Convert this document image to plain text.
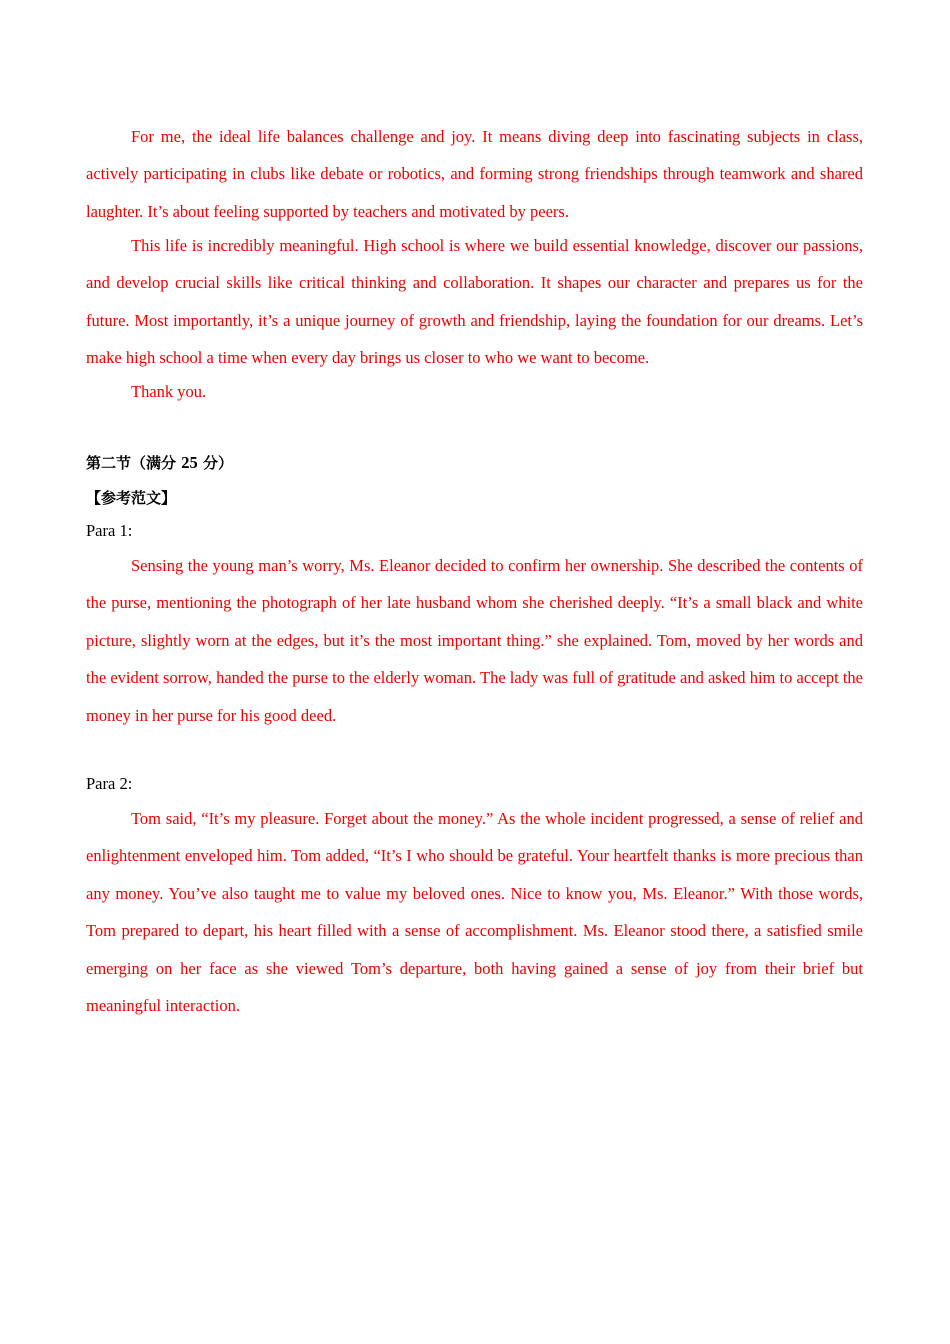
For me, the ideal life balances challenge and joy. It means diving deep into fascinating subjects in class, actively participating in clubs like debate or robotics, and forming strong friendships through teamwork and shared laughter. It’s about feeling supported by teachers and motivated by peers.

This life is incredibly meaningful. High school is where we build essential knowledge, discover our passions, and develop crucial skills like critical thinking and collaboration. It shapes our character and prepares us for the future. Most importantly, it’s a unique journey of growth and friendship, laying the foundation for our dreams. Let’s make high school a time when every day brings us closer to who we want to become.

Thank you.

第二节（满分 25 分）

【参考范文】

Para 1:

Sensing the young man’s worry, Ms. Eleanor decided to confirm her ownership. She described the contents of the purse, mentioning the photograph of her late husband whom she cherished deeply. “It’s a small black and white picture, slightly worn at the edges, but it’s the most important thing.” she explained. Tom, moved by her words and the evident sorrow, handed the purse to the elderly woman. The lady was full of gratitude and asked him to accept the money in her purse for his good deed.

Para 2:

Tom said, “It’s my pleasure. Forget about the money.” As the whole incident progressed, a sense of relief and enlightenment enveloped him. Tom added, “It’s I who should be grateful. Your heartfelt thanks is more precious than any money. You’ve also taught me to value my beloved ones. Nice to know you, Ms. Eleanor.” With those words, Tom prepared to depart, his heart filled with a sense of accomplishment. Ms. Eleanor stood there, a satisfied smile emerging on her face as she viewed Tom’s departure, both having gained a sense of joy from their brief but meaningful interaction.
